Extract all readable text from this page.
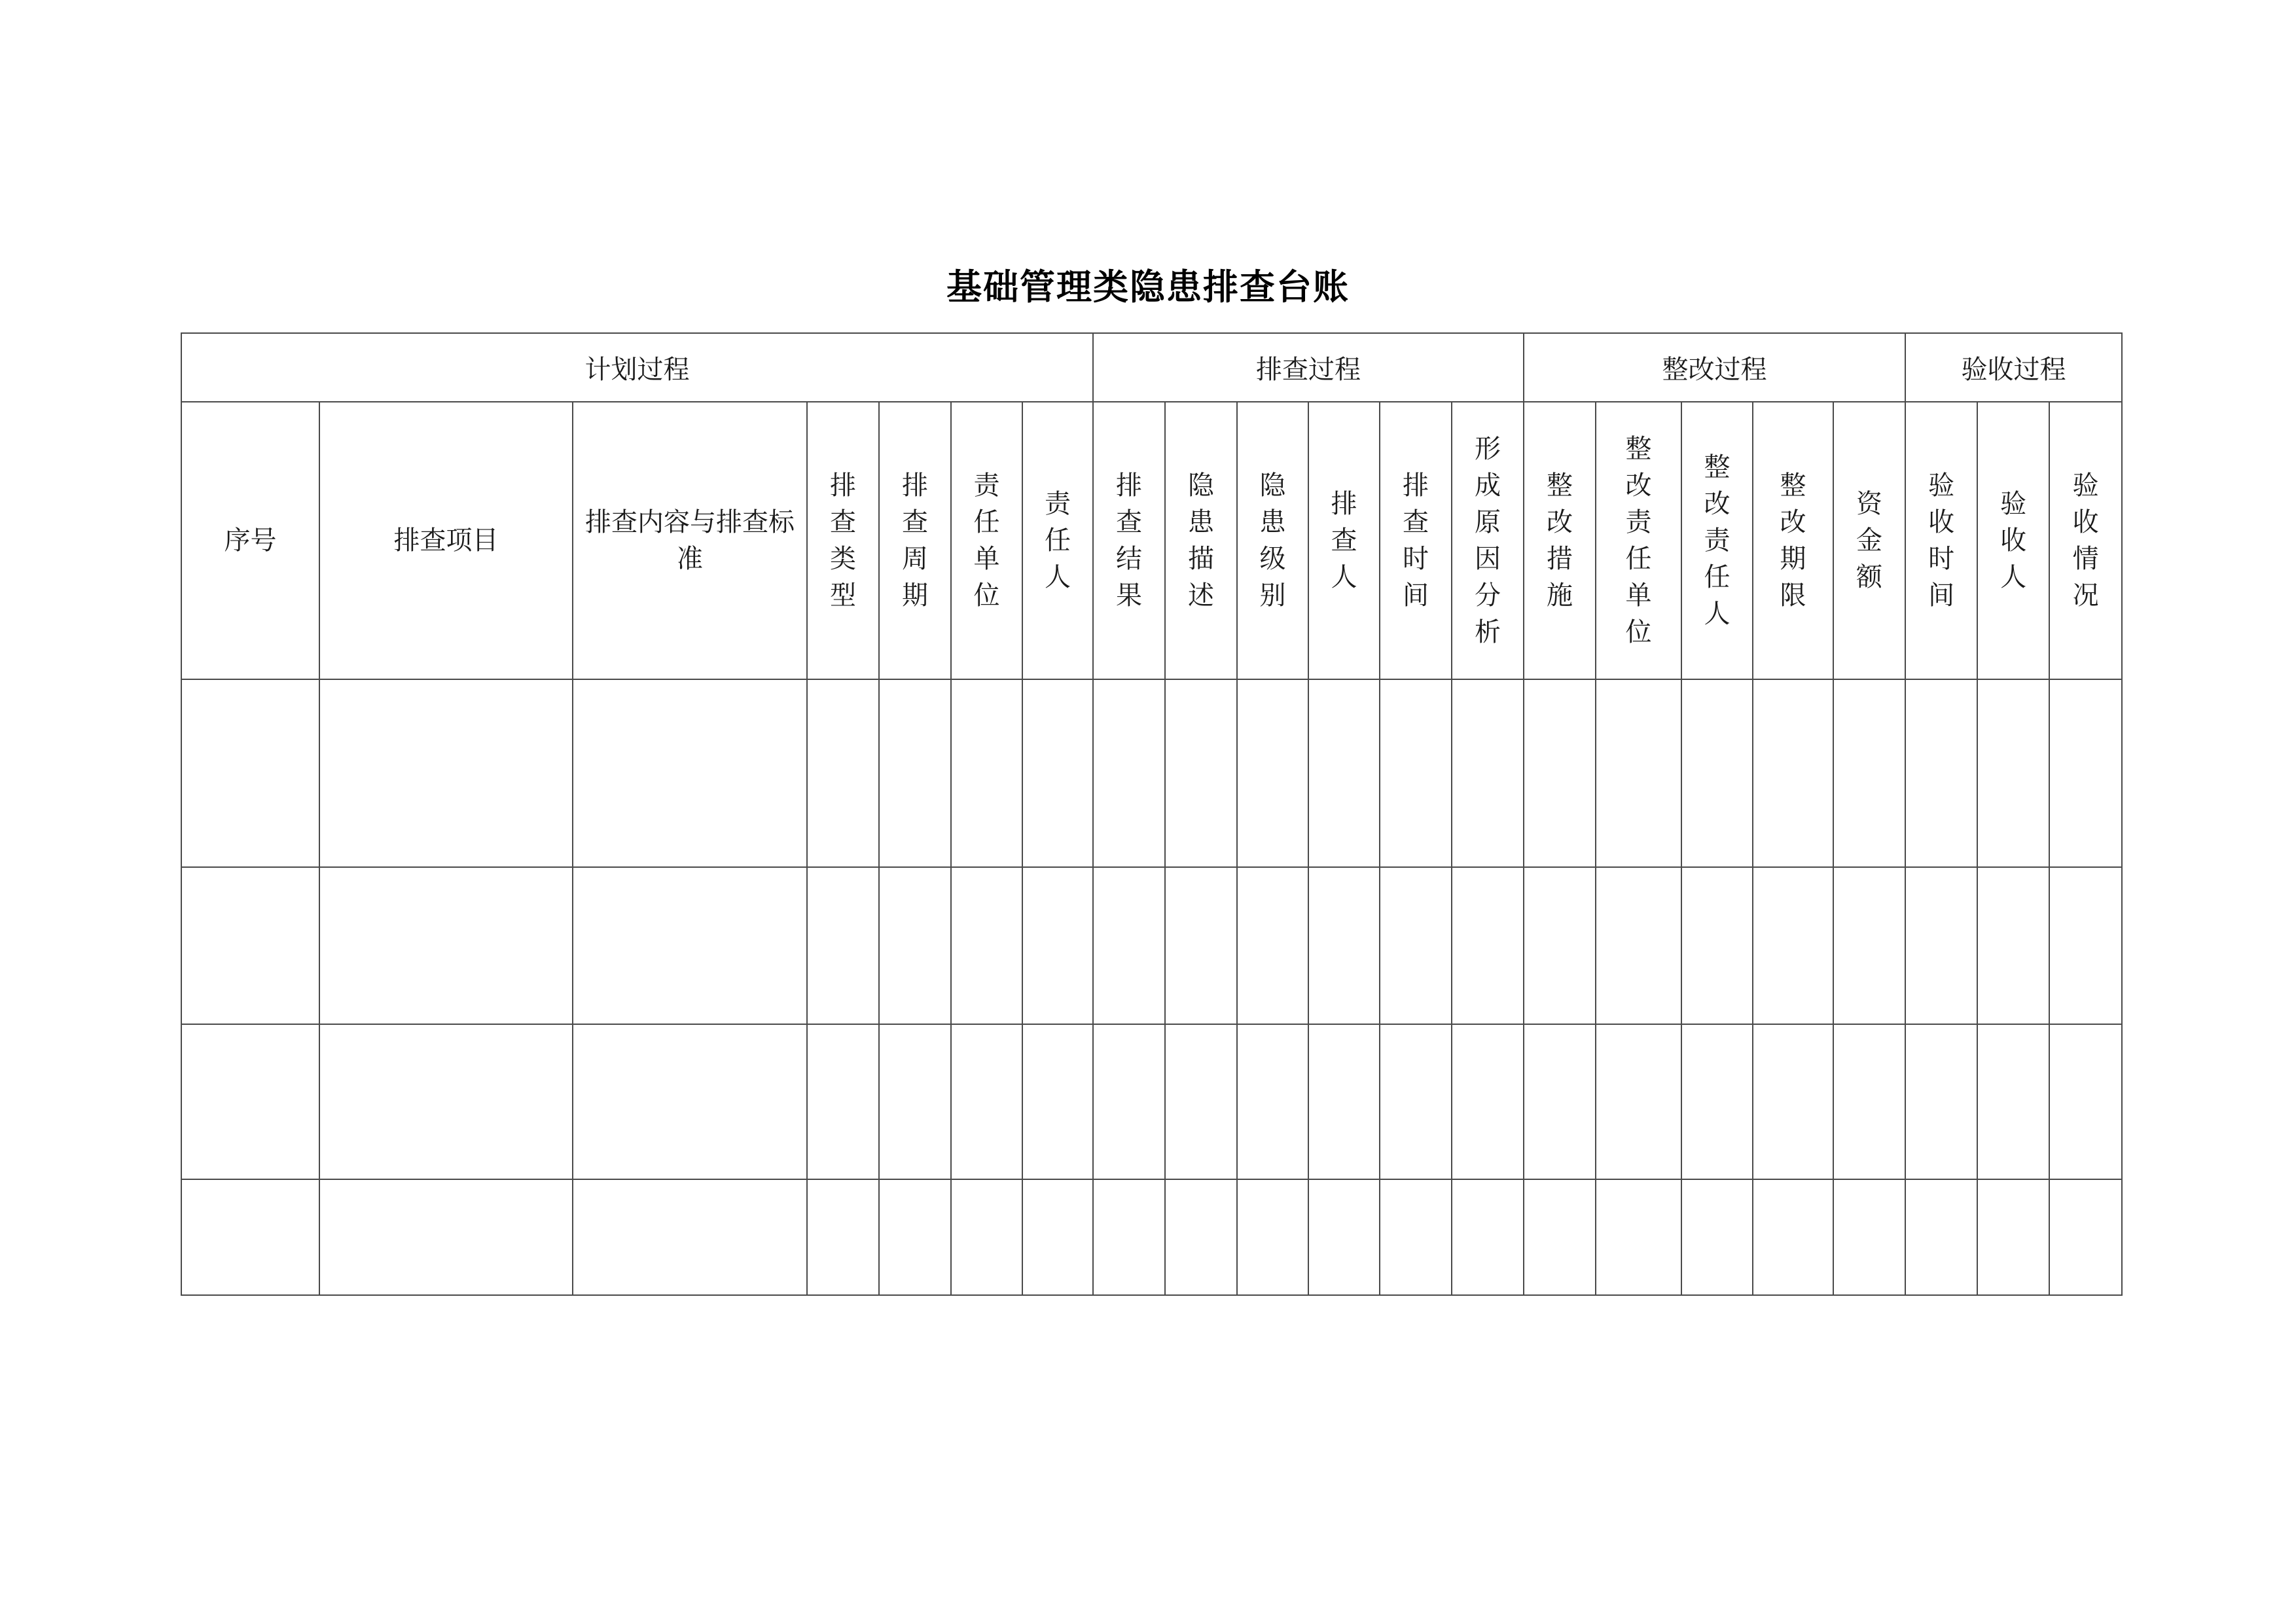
基础管理类隐患排查台账
计划过程							排查过程						整改过程					验收过程		

序号	排查项目	排查内容与排查标准	排查类型	排查周期	责任单位	责任人	排查结果	隐患描述	隐患级别	排查人	排查时间	形成原因分析	整改措施	整改责任单位	整改责任人	整改期限	资金额	验收时间	验收人	验收情况
